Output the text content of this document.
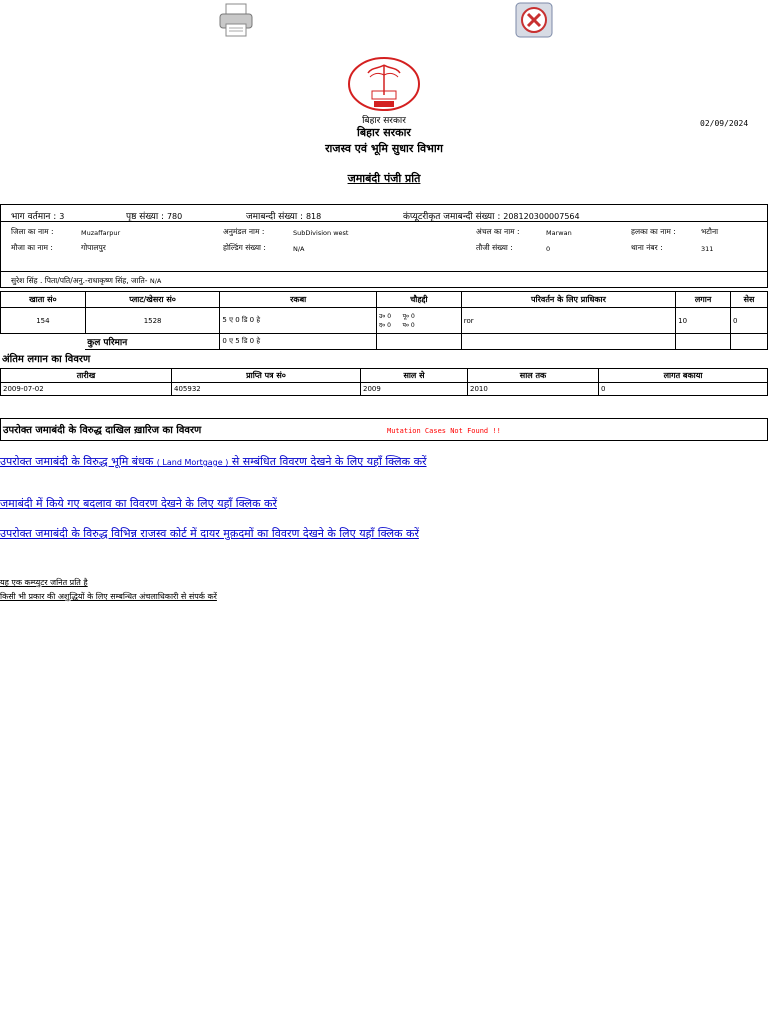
बिहार सरकार
बिहार सरकार
राजस्व एवं भूमि सुधार विभाग
02/09/2024
जमाबंदी पंजी प्रति
भाग वर्तमान : 3	पृष्ठ संख्या : 780	जमाबन्दी संख्या : 818	कंप्यूटरीकृत जमाबन्दी संख्या : 208120300007564
जिला का नाम :	Muzaffarpur	अनुमंडल नाम :	SubDivision west	अंचल का नाम :	Marwan	हलका का नाम :	भटौना
मौजा का नाम :	गोपालपुर	होल्डिंग संख्या :	N/A	तौजी संख्या :	0	थाना नंबर :	311
सुरेश सिंह . पिता/पति/अनु.-राधाकृष्ण सिंह, जाति- N/A
खाता सं०	प्लाट/खेसरा सं०	रकबा	चौहद्दी	परिवर्तन के लिए प्राधिकार	लगान	सेस
154	1528	5 ए 0 डि 0 हे	उ० 0 पू० 0
द० 0 प० 0	ror	10	0
	कुल परिमान	0 ए 5 डि 0 हे				
अंतिम लगान का विवरण
तारीख	प्राप्ति पत्र सं०	साल से	साल तक	लागत बकाया
2009-07-02	405932	2009	2010	0
उपरोक्त जमाबंदी के विरुद्ध दाखिल ख़ारिज का विवरण	Mutation Cases Not Found !!
उपरोक्त जमाबंदी के विरुद्ध भूमि बंधक ( Land Mortgage ) से सम्बंधित विवरण देखने के लिए यहाँ क्लिक करें
जमाबंदी में किये गए बदलाव का विवरण देखने के लिए यहाँ क्लिक करें
उपरोक्त जमाबंदी के विरुद्ध विभिन्न राजस्व कोर्ट में दायर मुक़दमों का विवरण देखने के लिए यहाँ क्लिक करें
यह एक कम्प्युटर जनित प्रति है
किसी भी प्रकार की अशुद्धियों के लिए सम्बन्धित अंचलाधिकारी से संपर्क करें
